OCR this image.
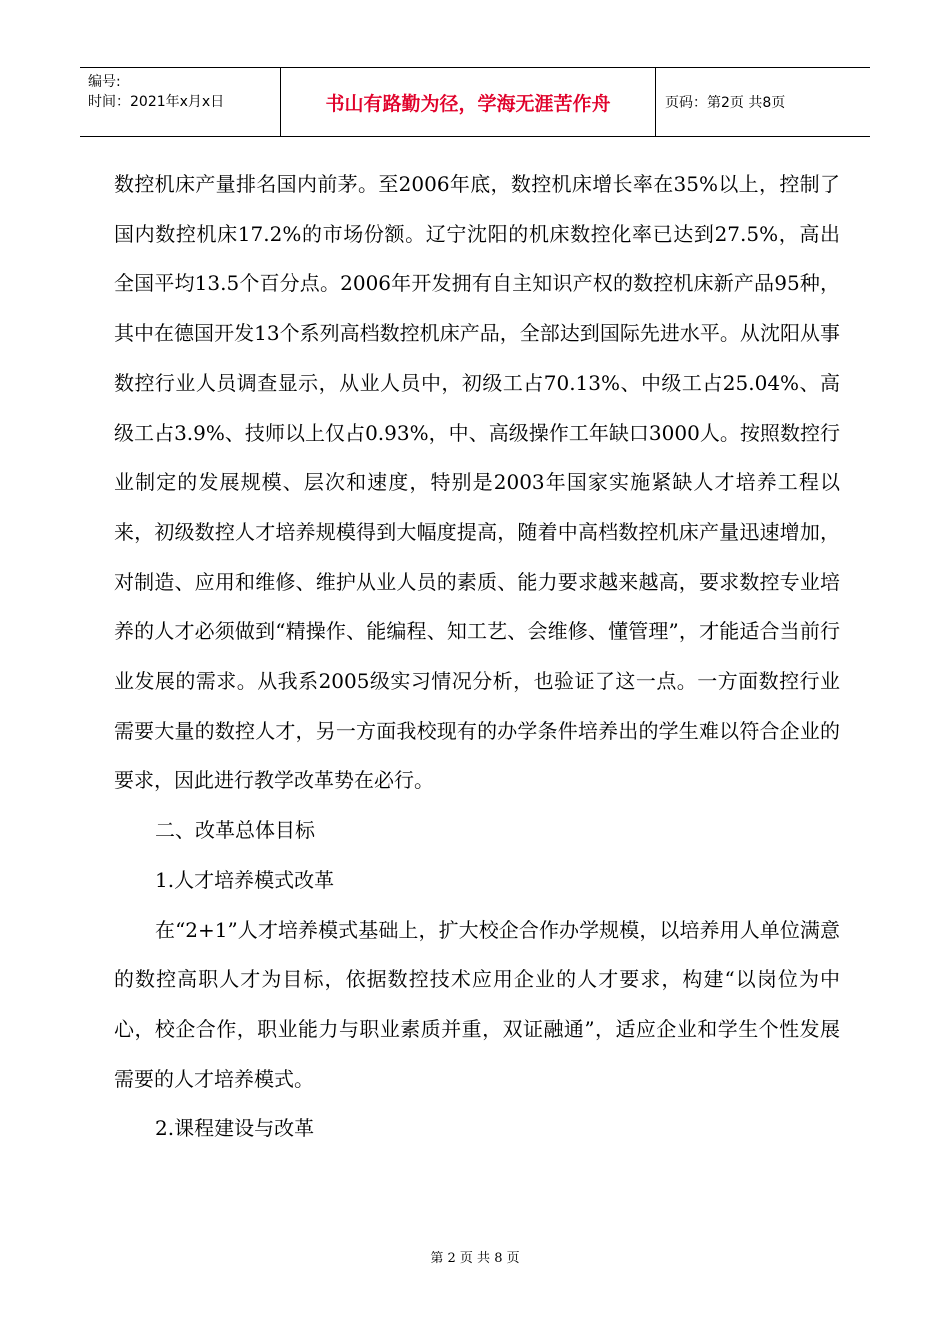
编号:
时间：2021年x月x日	书山有路勤为径，学海无涯苦作舟	页码：第2页 共8页

数控机床产量排名国内前茅。至2006年底，数控机床增长率在35%以上，控制了国内数控机床17.2%的市场份额。辽宁沈阳的机床数控化率已达到27.5%，高出全国平均13.5个百分点。2006年开发拥有自主知识产权的数控机床新产品95种，其中在德国开发13个系列高档数控机床产品，全部达到国际先进水平。从沈阳从事数控行业人员调查显示，从业人员中，初级工占70.13%、中级工占25.04%、高级工占3.9%、技师以上仅占0.93%，中、高级操作工年缺口3000人。按照数控行业制定的发展规模、层次和速度，特别是2003年国家实施紧缺人才培养工程以来，初级数控人才培养规模得到大幅度提高，随着中高档数控机床产量迅速增加，对制造、应用和维修、维护从业人员的素质、能力要求越来越高，要求数控专业培养的人才必须做到“精操作、能编程、知工艺、会维修、懂管理”，才能适合当前行业发展的需求。从我系2005级实习情况分析，也验证了这一点。一方面数控行业需要大量的数控人才，另一方面我校现有的办学条件培养出的学生难以符合企业的要求，因此进行教学改革势在必行。

二、改革总体目标

1.人才培养模式改革

在“2+1”人才培养模式基础上，扩大校企合作办学规模，以培养用人单位满意的数控高职人才为目标，依据数控技术应用企业的人才要求，构建“以岗位为中心，校企合作，职业能力与职业素质并重，双证融通”，适应企业和学生个性发展需要的人才培养模式。

2.课程建设与改革

第 2 页 共 8 页
